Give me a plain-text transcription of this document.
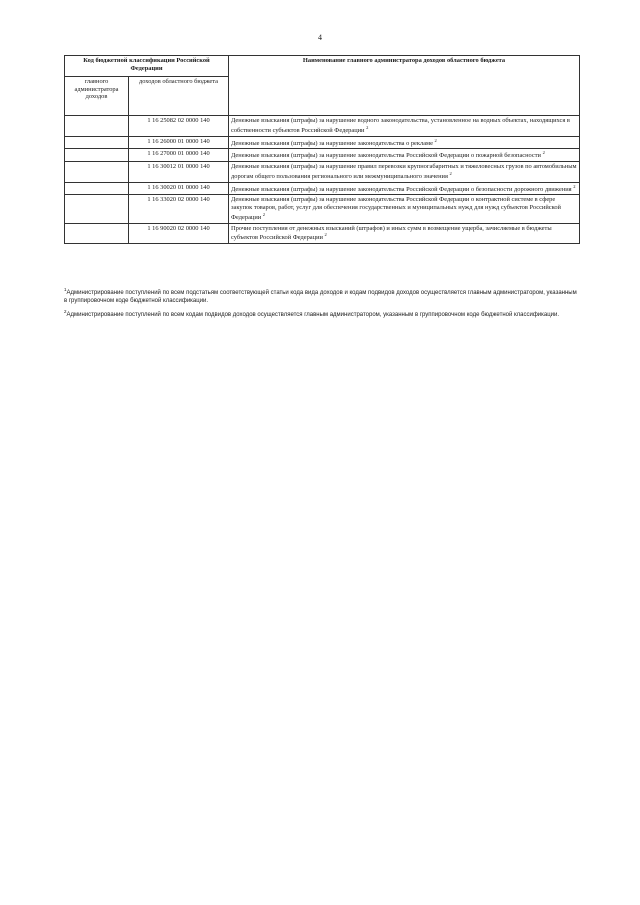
4
Код бюджетной классификации Российской Федерации		Наименование главного администратора доходов областного бюджета
главного администратора доходов	доходов областного бюджета	
	1 16 25082 02 0000 140	Денежные взыскания (штрафы) за нарушение водного законодательства, установленное на водных объектах, находящихся в собственности субъектов Российской Федерации $^2$
	1 16 26000 01 0000 140	Денежные взыскания (штрафы) за нарушение законодательства о рекламе $^2$
	1 16 27000 01 0000 140	Денежные взыскания (штрафы) за нарушение законодательства Российской Федерации о пожарной безопасности $^2$
	1 16 30012 01 0000 140	Денежные взыскания (штрафы) за нарушение правил перевозки крупногабаритных и тяжеловесных грузов по автомобильным дорогам общего пользования регионального или межмуниципального значения $^2$
	1 16 30020 01 0000 140	Денежные взыскания (штрафы) за нарушение законодательства Российской Федерации о безопасности дорожного движения $^2$
	1 16 33020 02 0000 140	Денежные взыскания (штрафы) за нарушение законодательства Российской Федерации о контрактной системе в сфере закупок товаров, работ, услуг для обеспечения государственных и муниципальных нужд для нужд субъектов Российской Федерации $^2$
	1 16 90020 02 0000 140	Прочие поступления от денежных взысканий (штрафов) и иных сумм в возмещение ущерба, зачисляемые в бюджеты субъектов Российской Федерации $^2$
$^1$Администрирование поступлений по всем подстатьям соответствующей статьи кода вида доходов и кодам подвидов доходов осуществляется главным администратором, указанным в группировочном коде бюджетной классификации.
$^2$Администрирование поступлений по всем кодам подвидов доходов осуществляется главным администратором, указанным в группировочном коде бюджетной классификации.
